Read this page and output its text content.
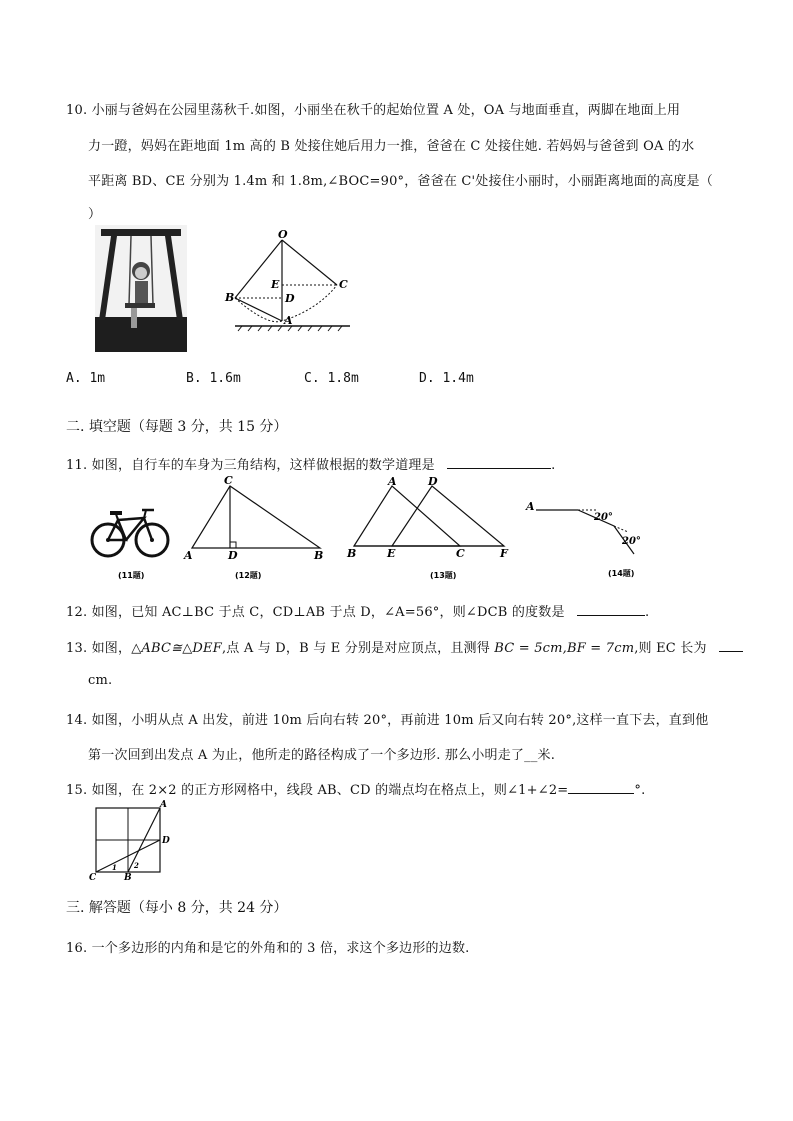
10. 小丽与爸妈在公园里荡秋千.如图，小丽坐在秋千的起始位置 A 处，OA 与地面垂直，两脚在地面上用
力一蹬，妈妈在距地面 1m 高的 B 处接住她后用力一推，爸爸在 C 处接住她. 若妈妈与爸爸到 OA 的水
平距离 BD、CE 分别为 1.4m 和 1.8m,∠BOC=90°，爸爸在 C'处接住小丽时，小丽距离地面的高度是（
）
O
E
D
B
C
A
A. 1m	B. 1.6m	C. 1.8m	D. 1.4m
二. 填空题（每题 3 分，共 15 分）
11. 如图，自行车的车身为三角结构，这样做根据的数学道理是	.
(11题)
C
A	D	B
(12题)
A	D
B	E	C	F
(13题)
A
20°
20°
(14题)
12. 如图，已知 AC⊥BC 于点 C，CD⊥AB 于点 D，∠A=56°，则∠DCB 的度数是	.
13. 如图，△ABC≅△DEF,点 A 与 D，B 与 E 分别是对应顶点，且测得 BC = 5cm,BF = 7cm,则 EC 长为
cm.
14. 如图，小明从点 A 出发，前进 10m 后向右转 20°，再前进 10m 后又向右转 20°,这样一直下去，直到他
第一次回到出发点 A 为止，他所走的路径构成了一个多边形. 那么小明走了__米.
15. 如图，在 2×2 的正方形网格中，线段 AB、CD 的端点均在格点上，则∠1+∠2=	°.
A
D
C	B
1 2
三. 解答题（每小 8 分，共 24 分）
16. 一个多边形的内角和是它的外角和的 3 倍，求这个多边形的边数.
